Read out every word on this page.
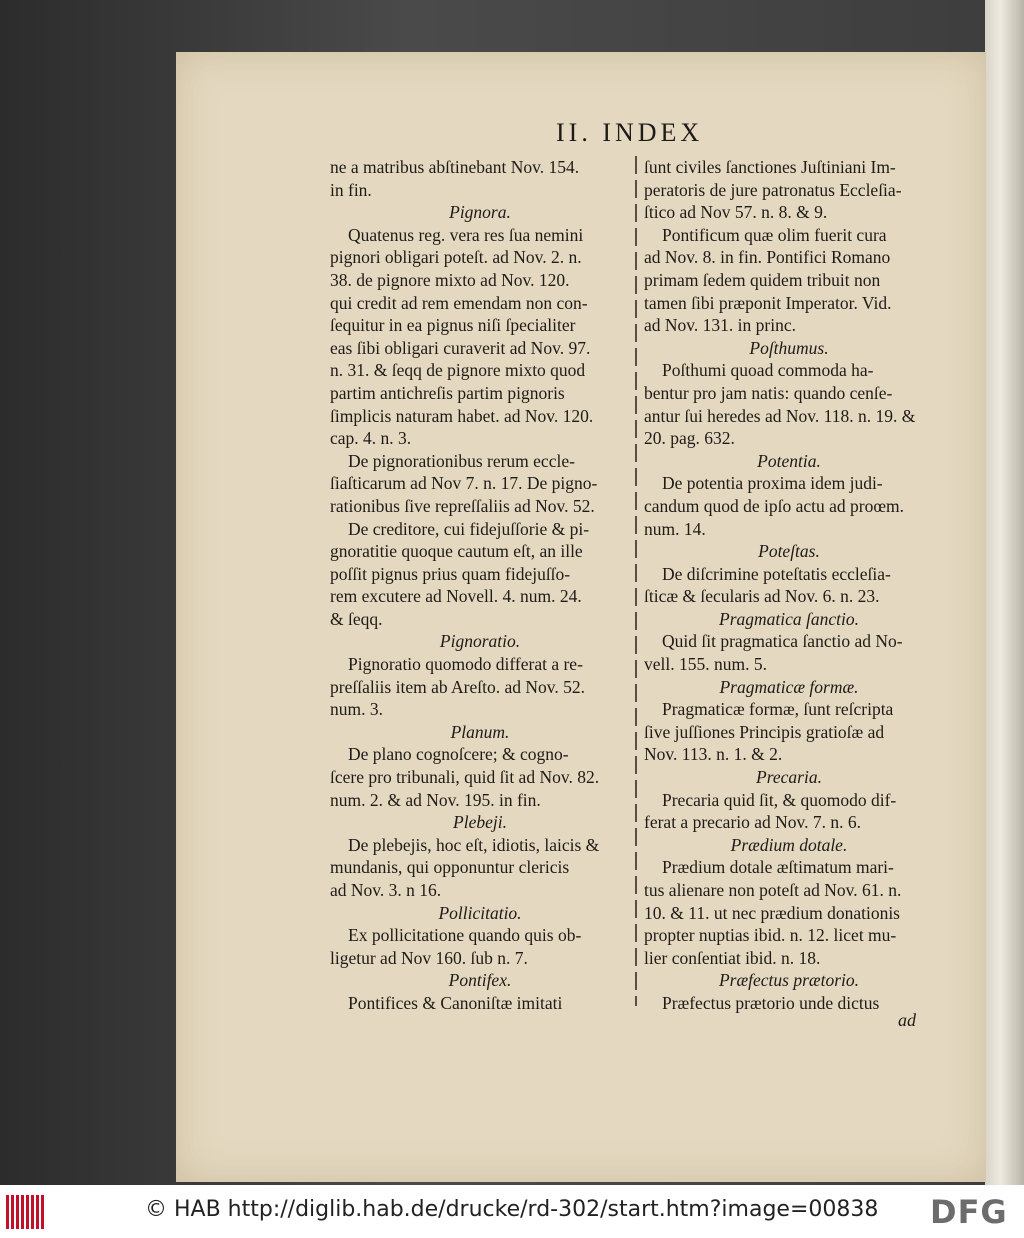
II. INDEX
ne a matribus abſtinebant Nov. 154.
in fin.
Pignora.
Quatenus reg. vera res ſua nemini
pignori obligari poteſt. ad Nov. 2. n.
38. de pignore mixto ad Nov. 120.
qui credit ad rem emendam non con-
ſequitur in ea pignus niſi ſpecialiter
eas ſibi obligari curaverit ad Nov. 97.
n. 31. & ſeqq de pignore mixto quod
partim antichreſis partim pignoris
ſimplicis naturam habet. ad Nov. 120.
cap. 4. n. 3.
De pignorationibus rerum eccle-
ſiaſticarum ad Nov 7. n. 17. De pigno-
rationibus ſive repreſſaliis ad Nov. 52.
De creditore, cui fidejuſſorie & pi-
gnoratitie quoque cautum eſt, an ille
poſſit pignus prius quam fidejuſſo-
rem excutere ad Novell. 4. num. 24.
& ſeqq.
Pignoratio.
Pignoratio quomodo differat a re-
preſſaliis item ab Areſto. ad Nov. 52.
num. 3.
Planum.
De plano cognoſcere; & cogno-
ſcere pro tribunali, quid ſit ad Nov. 82.
num. 2. & ad Nov. 195. in fin.
Plebeji.
De plebejis, hoc eſt, idiotis, laicis &
mundanis, qui opponuntur clericis
ad Nov. 3. n 16.
Pollicitatio.
Ex pollicitatione quando quis ob-
ligetur ad Nov 160. ſub n. 7.
Pontifex.
Pontifices & Canoniſtæ imitati
ſunt civiles ſanctiones Juſtiniani Im-
peratoris de jure patronatus Eccleſia-
ſtico ad Nov 57. n. 8. & 9.
Pontificum quæ olim fuerit cura
ad Nov. 8. in fin. Pontifici Romano
primam ſedem quidem tribuit non
tamen ſibi præponit Imperator. Vid.
ad Nov. 131. in princ.
Poſthumus.
Poſthumi quoad commoda ha-
bentur pro jam natis: quando cenſe-
antur ſui heredes ad Nov. 118. n. 19. &
20. pag. 632.
Potentia.
De potentia proxima idem judi-
candum quod de ipſo actu ad proœm.
num. 14.
Poteſtas.
De diſcrimine poteſtatis eccleſia-
ſticæ & ſecularis ad Nov. 6. n. 23.
Pragmatica ſanctio.
Quid ſit pragmatica ſanctio ad No-
vell. 155. num. 5.
Pragmaticæ formæ.
Pragmaticæ formæ, ſunt reſcripta
ſive juſſiones Principis gratioſæ ad
Nov. 113. n. 1. & 2.
Precaria.
Precaria quid ſit, & quomodo dif-
ferat a precario ad Nov. 7. n. 6.
Prædium dotale.
Prædium dotale æſtimatum mari-
tus alienare non poteſt ad Nov. 61. n.
10. & 11. ut nec prædium donationis
propter nuptias ibid. n. 12. licet mu-
lier conſentiat ibid. n. 18.
Præfectus prætorio.
Præfectus prætorio unde dictus
ad
© HAB http://diglib.hab.de/drucke/rd-302/start.htm?image=00838 DFG
